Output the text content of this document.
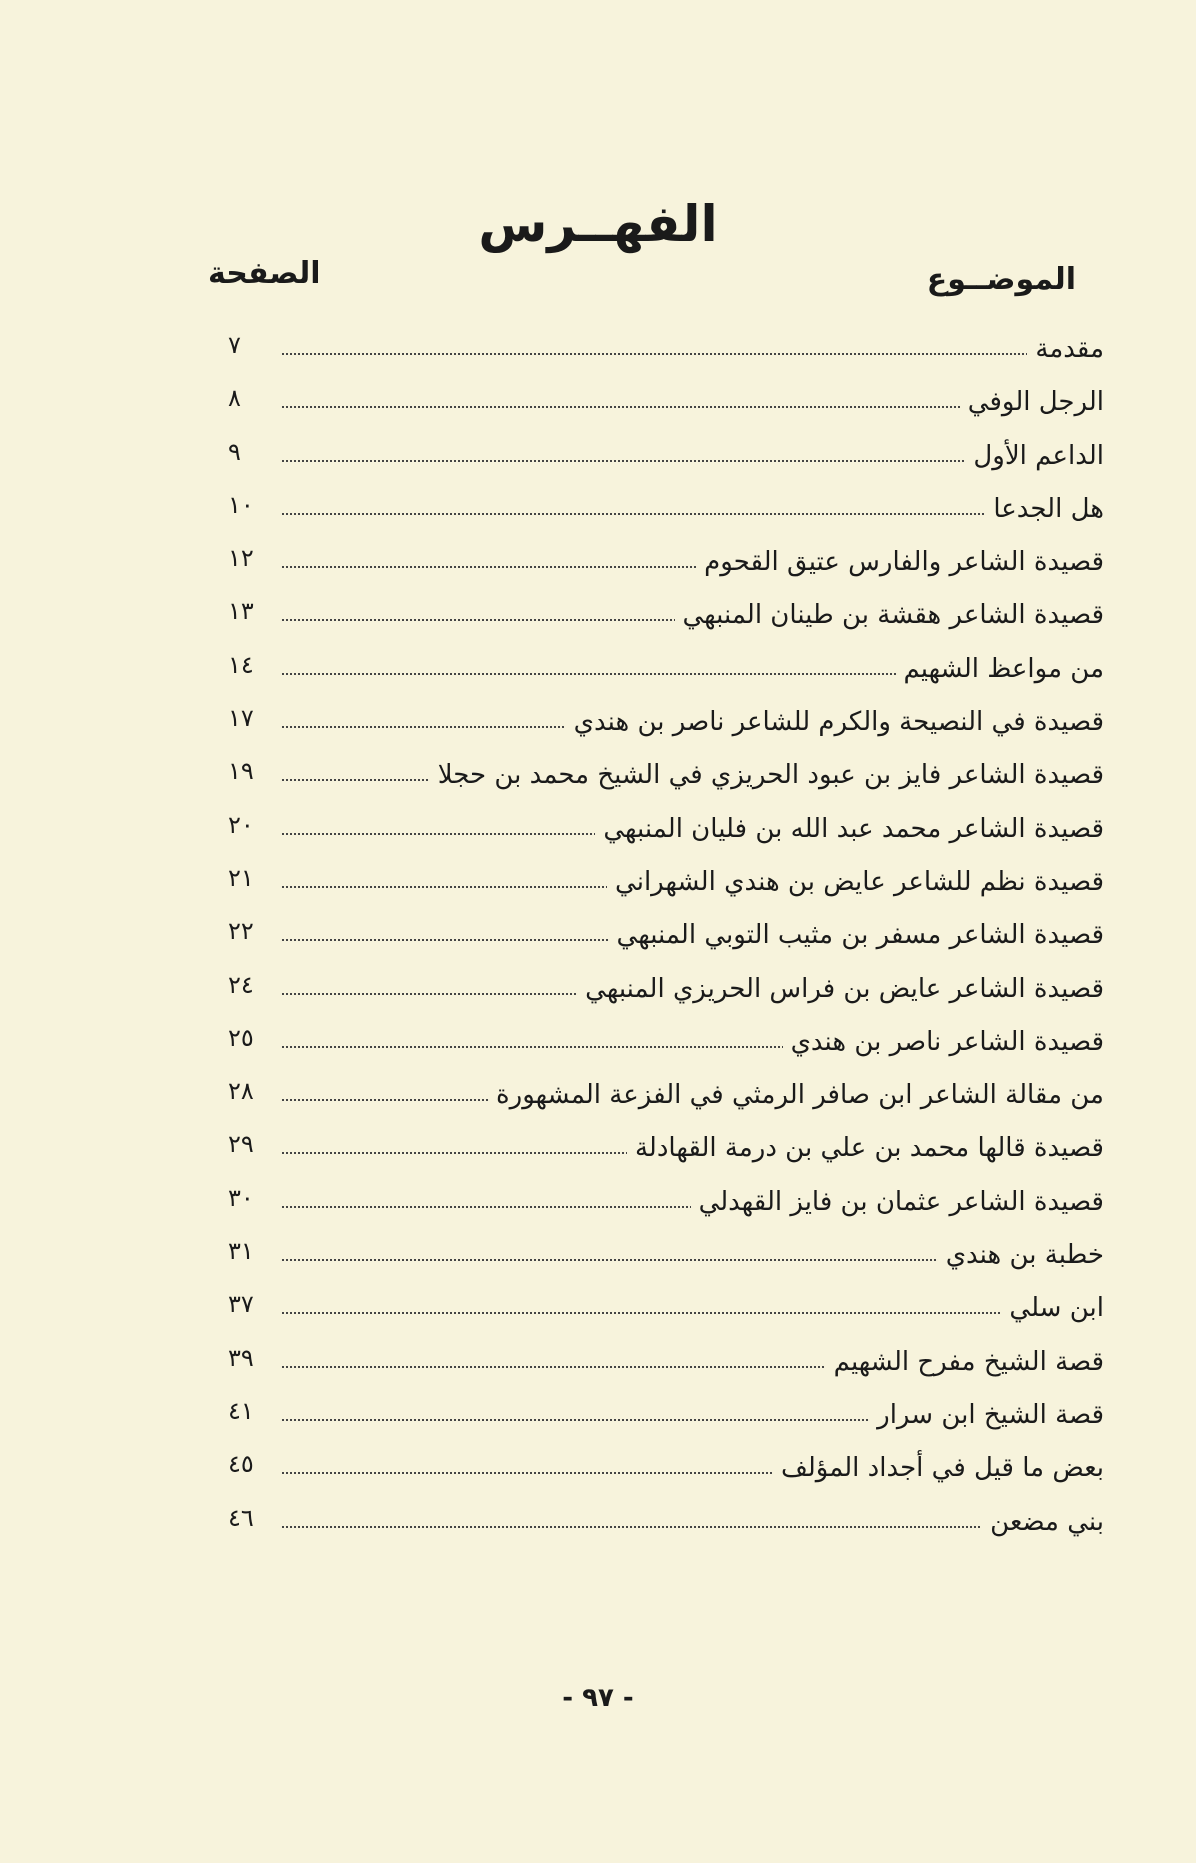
الفهــرس
الموضــوع
الصفحة
مقدمة
٧
الرجل الوفي
٨
الداعم الأول
٩
هل الجدعا
١٠
قصيدة الشاعر والفارس عتيق القحوم
١٢
قصيدة الشاعر هقشة بن طينان المنبهي
١٣
من مواعظ الشهيم
١٤
قصيدة في النصيحة والكرم للشاعر ناصر بن هندي
١٧
قصيدة الشاعر فايز بن عبود الحريزي في الشيخ محمد بن حجلا
١٩
قصيدة الشاعر محمد عبد الله بن فليان المنبهي
٢٠
قصيدة نظم للشاعر عايض بن هندي الشهراني
٢١
قصيدة الشاعر مسفر بن مثيب التوبي المنبهي
٢٢
قصيدة الشاعر عايض بن فراس الحريزي المنبهي
٢٤
قصيدة الشاعر ناصر بن هندي
٢٥
من مقالة الشاعر ابن صافر الرمثي في الفزعة المشهورة
٢٨
قصيدة قالها محمد بن علي بن درمة القهادلة
٢٩
قصيدة الشاعر عثمان بن فايز القهدلي
٣٠
خطبة بن هندي
٣١
ابن سلي
٣٧
قصة الشيخ مفرح الشهيم
٣٩
قصة الشيخ ابن سرار
٤١
بعض ما قيل في أجداد المؤلف
٤٥
بني مضعن
٤٦
- ٩٧ -
